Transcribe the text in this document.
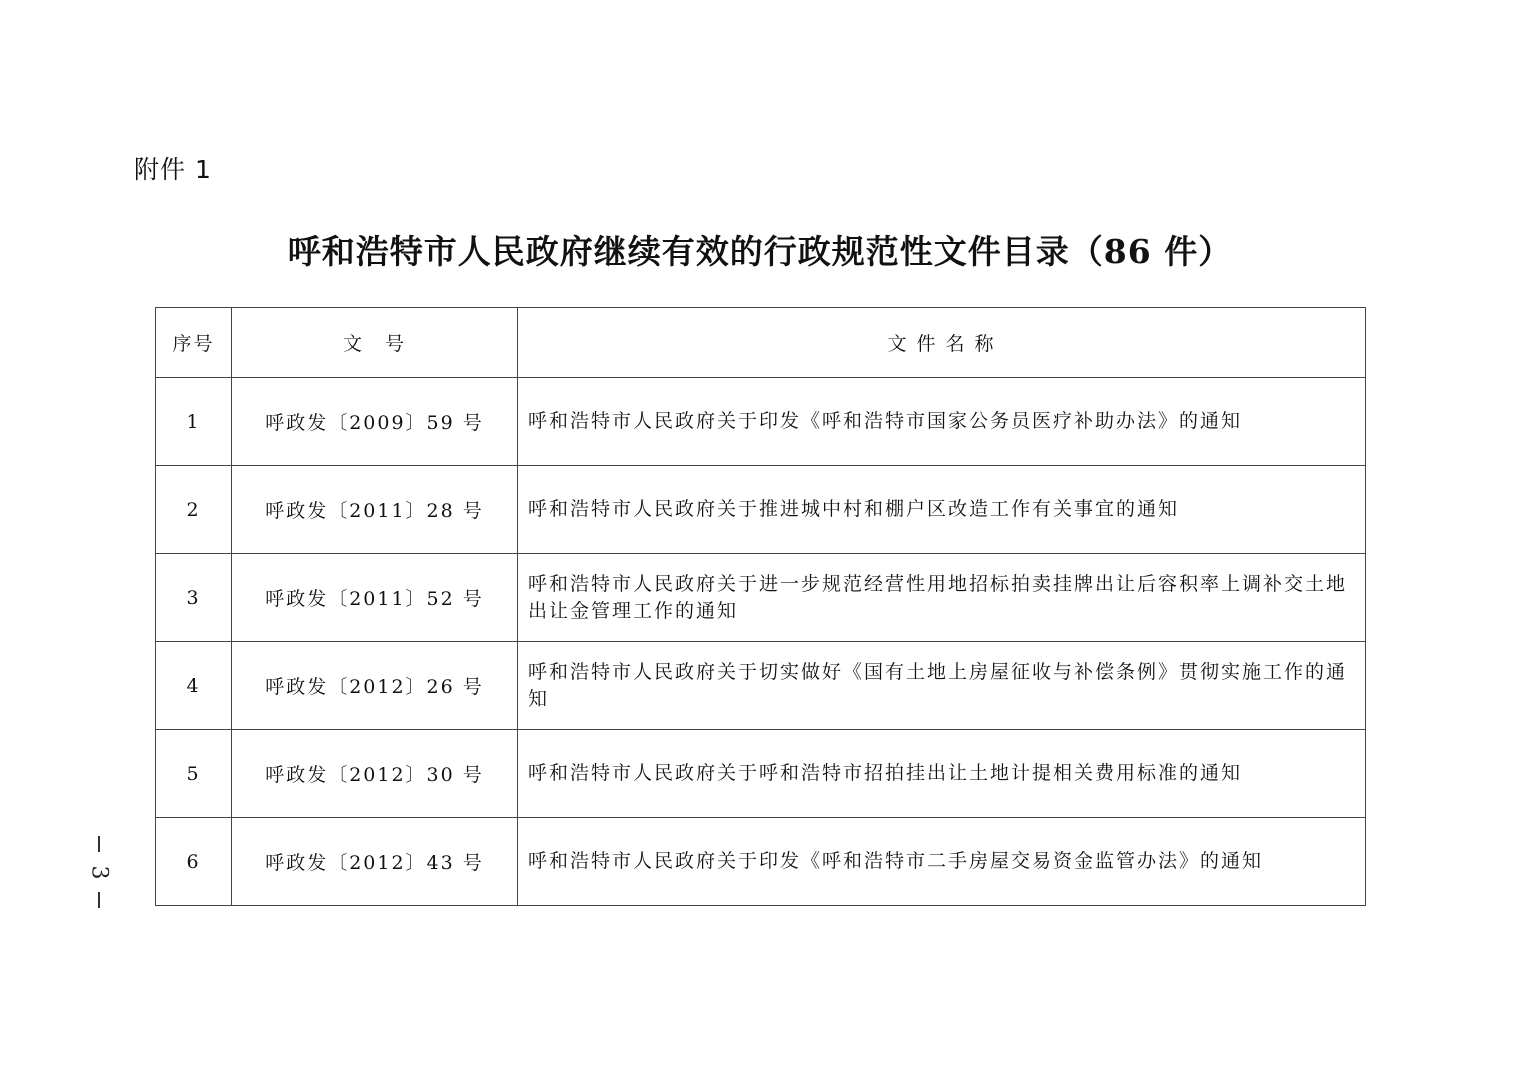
附件 1
呼和浩特市人民政府继续有效的行政规范性文件目录（86 件）
序号	文　号	文 件 名 称
1	呼政发〔2009〕59 号	呼和浩特市人民政府关于印发《呼和浩特市国家公务员医疗补助办法》的通知
2	呼政发〔2011〕28 号	呼和浩特市人民政府关于推进城中村和棚户区改造工作有关事宜的通知
3	呼政发〔2011〕52 号	呼和浩特市人民政府关于进一步规范经营性用地招标拍卖挂牌出让后容积率上调补交土地出让金管理工作的通知
4	呼政发〔2012〕26 号	呼和浩特市人民政府关于切实做好《国有土地上房屋征收与补偿条例》贯彻实施工作的通知
5	呼政发〔2012〕30 号	呼和浩特市人民政府关于呼和浩特市招拍挂出让土地计提相关费用标准的通知
6	呼政发〔2012〕43 号	呼和浩特市人民政府关于印发《呼和浩特市二手房屋交易资金监管办法》的通知
3
